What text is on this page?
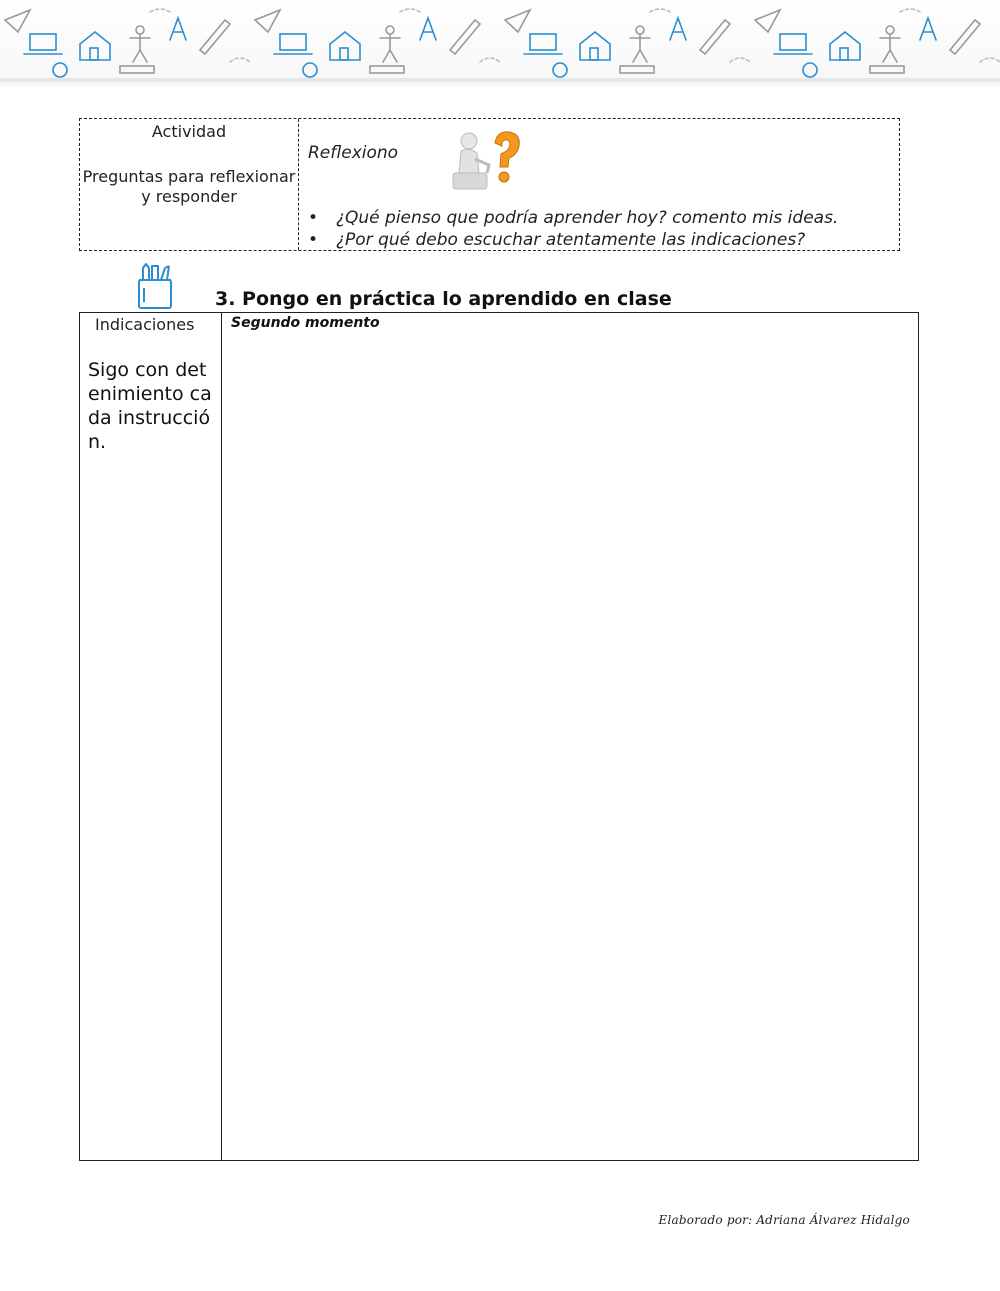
Actividad
Preguntas para reflexionar y responder
Reflexiono
• ¿Qué pienso que podría aprender hoy? comento mis ideas.
• ¿Por qué debo escuchar atentamente las indicaciones?
3. Pongo en práctica lo aprendido en clase
Indicaciones
Sigo con detenimiento cada instrucción.
Segundo momento
Elaborado por: Adriana Álvarez Hidalgo
